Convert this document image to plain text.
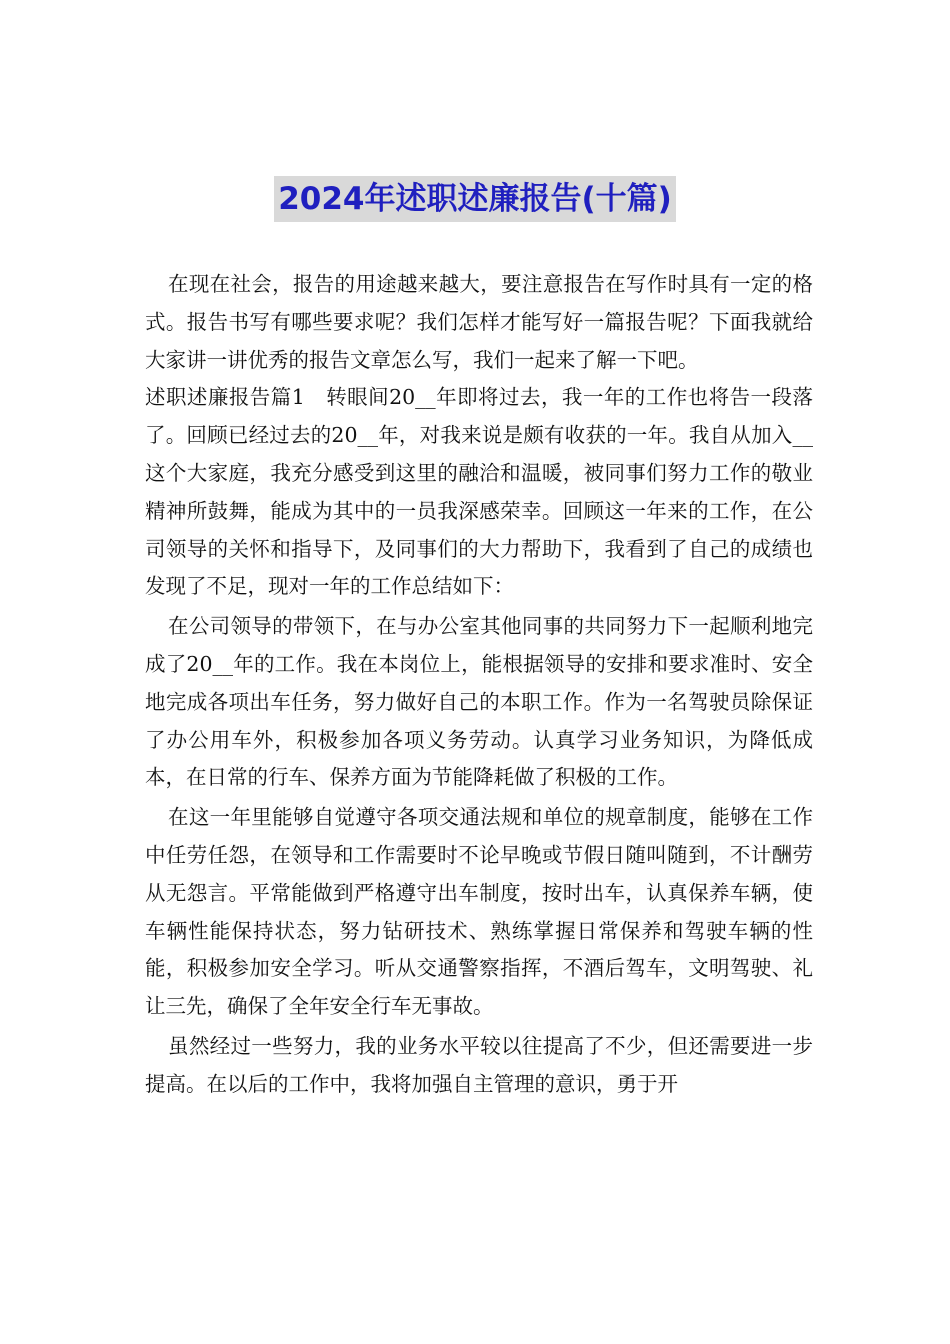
2024年述职述廉报告(十篇)

在现在社会，报告的用途越来越大，要注意报告在写作时具有一定的格式。报告书写有哪些要求呢？我们怎样才能写好一篇报告呢？下面我就给大家讲一讲优秀的报告文章怎么写，我们一起来了解一下吧。

述职述廉报告篇1　转眼间20__年即将过去，我一年的工作也将告一段落了。回顾已经过去的20__年，对我来说是颇有收获的一年。我自从加入__这个大家庭，我充分感受到这里的融洽和温暖，被同事们努力工作的敬业精神所鼓舞，能成为其中的一员我深感荣幸。回顾这一年来的工作，在公司领导的关怀和指导下，及同事们的大力帮助下，我看到了自己的成绩也发现了不足，现对一年的工作总结如下：

在公司领导的带领下，在与办公室其他同事的共同努力下一起顺利地完成了20__年的工作。我在本岗位上，能根据领导的安排和要求准时、安全地完成各项出车任务，努力做好自己的本职工作。作为一名驾驶员除保证了办公用车外，积极参加各项义务劳动。认真学习业务知识，为降低成本，在日常的行车、保养方面为节能降耗做了积极的工作。

在这一年里能够自觉遵守各项交通法规和单位的规章制度，能够在工作中任劳任怨，在领导和工作需要时不论早晚或节假日随叫随到，不计酬劳从无怨言。平常能做到严格遵守出车制度，按时出车，认真保养车辆，使车辆性能保持状态，努力钻研技术、熟练掌握日常保养和驾驶车辆的性能，积极参加安全学习。听从交通警察指挥，不酒后驾车，文明驾驶、礼让三先，确保了全年安全行车无事故。

虽然经过一些努力，我的业务水平较以往提高了不少，但还需要进一步提高。在以后的工作中，我将加强自主管理的意识，勇于开
